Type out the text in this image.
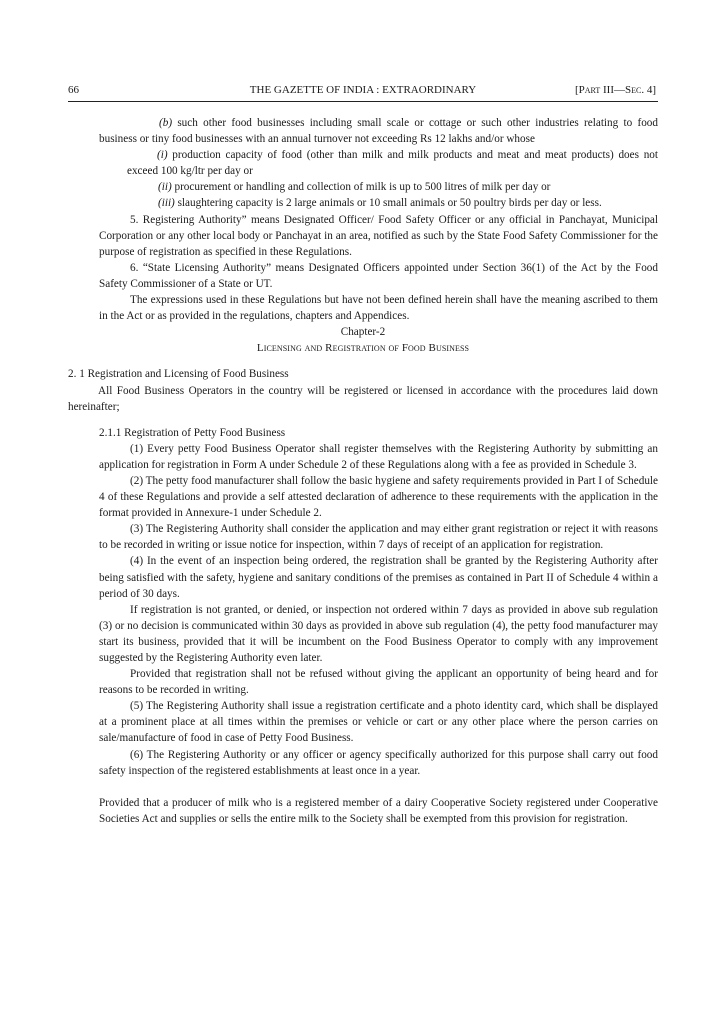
66	THE GAZETTE OF INDIA : EXTRAORDINARY	[Part III—Sec. 4]

(b) such other food businesses including small scale or cottage or such other industries relating to food business or tiny food businesses with an annual turnover not exceeding Rs 12 lakhs and/or whose

(i) production capacity of food (other than milk and milk products and meat and meat products) does not exceed 100 kg/ltr per day or

(ii) procurement or handling and collection of milk is up to 500 litres of milk per day or

(iii) slaughtering capacity is 2 large animals or 10 small animals or 50 poultry birds per day or less.

5. Registering Authority” means Designated Officer/ Food Safety Officer or any official in Panchayat, Municipal Corporation or any other local body or Panchayat in an area, notified as such by the State Food Safety Commissioner for the purpose of registration as specified in these Regulations.

6. “State Licensing Authority” means Designated Officers appointed under Section 36(1) of the Act by the Food Safety Commissioner of a State or UT.

The expressions used in these Regulations but have not been defined herein shall have the meaning ascribed to them in the Act or as provided in the regulations, chapters and Appendices.

Chapter-2

Licensing and Registration of Food Business

2. 1 Registration and Licensing of Food Business

All Food Business Operators in the country will be registered or licensed in accordance with the procedures laid down hereinafter;

2.1.1 Registration of Petty Food Business

(1) Every petty Food Business Operator shall register themselves with the Registering Authority by submitting an application for registration in Form A under Schedule 2 of these Regulations along with a fee as provided in Schedule 3.

(2) The petty food manufacturer shall follow the basic hygiene and safety requirements provided in Part I of Schedule 4 of these Regulations and provide a self attested declaration of adherence to these requirements with the application in the format provided in Annexure-1 under Schedule 2.

(3) The Registering Authority shall consider the application and may either grant registration or reject it with reasons to be recorded in writing or issue notice for inspection, within 7 days of receipt of an application for registration.

(4) In the event of an inspection being ordered, the registration shall be granted by the Registering Authority after being satisfied with the safety, hygiene and sanitary conditions of the premises as contained in Part II of Schedule 4 within a period of 30 days.

If registration is not granted, or denied, or inspection not ordered within 7 days as provided in above sub regulation (3) or no decision is communicated within 30 days as provided in above sub regulation (4), the petty food manufacturer may start its business, provided that it will be incumbent on the Food Business Operator to comply with any improvement suggested by the Registering Authority even later.

Provided that registration shall not be refused without giving the applicant an opportunity of being heard and for reasons to be recorded in writing.

(5) The Registering Authority shall issue a registration certificate and a photo identity card, which shall be displayed at a prominent place at all times within the premises or vehicle or cart or any other place where the person carries on sale/manufacture of food in case of Petty Food Business.

(6) The Registering Authority or any officer or agency specifically authorized for this purpose shall carry out food safety inspection of the registered establishments at least once in a year.

Provided that a producer of milk who is a registered member of a dairy Cooperative Society registered under Cooperative Societies Act and supplies or sells the entire milk to the Society shall be exempted from this provision for registration.
